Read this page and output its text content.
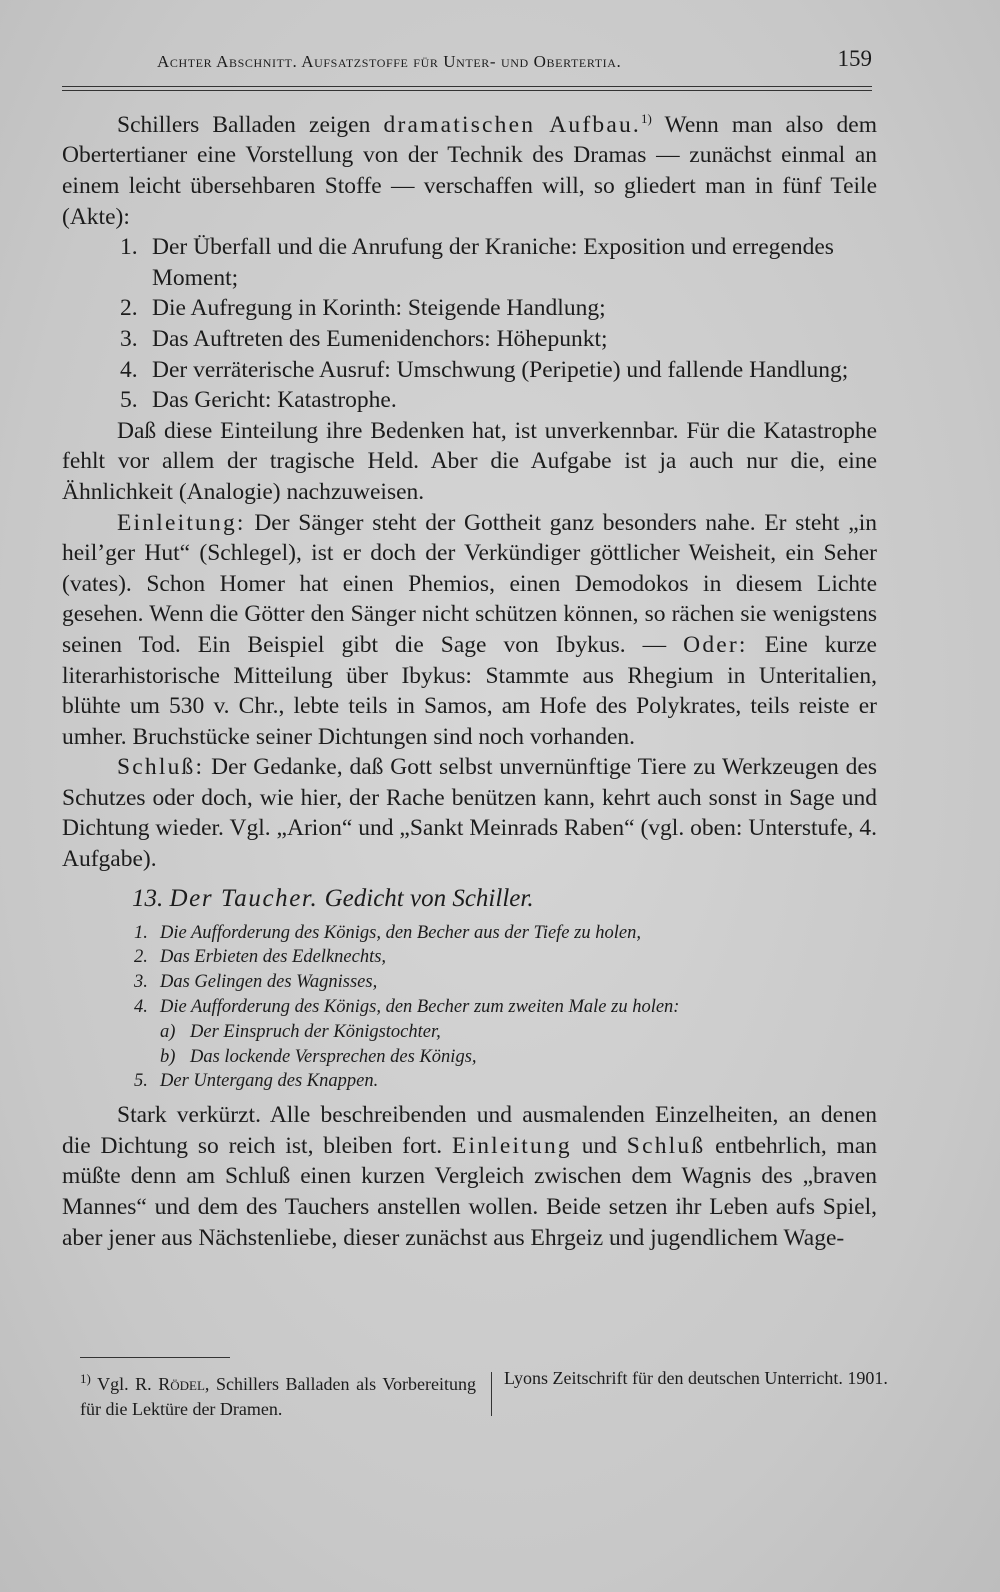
Achter Abschnitt. Aufsatzstoffe für Unter- und Obertertia.	159

Schillers Balladen zeigen dramatischen Aufbau.$^{1)}$ Wenn man also dem Obertertianer eine Vorstellung von der Technik des Dramas — zunächst einmal an einem leicht übersehbaren Stoffe — verschaffen will, so gliedert man in fünf Teile (Akte):

1. Der Überfall und die Anrufung der Kraniche: Exposition und erregendes Moment;
2. Die Aufregung in Korinth: Steigende Handlung;
3. Das Auftreten des Eumenidenchors: Höhepunkt;
4. Der verräterische Ausruf: Umschwung (Peripetie) und fallende Handlung;
5. Das Gericht: Katastrophe.

Daß diese Einteilung ihre Bedenken hat, ist unverkennbar. Für die Katastrophe fehlt vor allem der tragische Held. Aber die Aufgabe ist ja auch nur die, eine Ähnlichkeit (Analogie) nachzuweisen.

Einleitung: Der Sänger steht der Gottheit ganz besonders nahe. Er steht „in heil’ger Hut“ (Schlegel), ist er doch der Verkündiger göttlicher Weisheit, ein Seher (vates). Schon Homer hat einen Phemios, einen Demodokos in diesem Lichte gesehen. Wenn die Götter den Sänger nicht schützen können, so rächen sie wenigstens seinen Tod. Ein Beispiel gibt die Sage von Ibykus. — Oder: Eine kurze literarhistorische Mitteilung über Ibykus: Stammte aus Rhegium in Unteritalien, blühte um 530 v. Chr., lebte teils in Samos, am Hofe des Polykrates, teils reiste er umher. Bruchstücke seiner Dichtungen sind noch vorhanden.

Schluß: Der Gedanke, daß Gott selbst unvernünftige Tiere zu Werkzeugen des Schutzes oder doch, wie hier, der Rache benützen kann, kehrt auch sonst in Sage und Dichtung wieder. Vgl. „Arion“ und „Sankt Meinrads Raben“ (vgl. oben: Unterstufe, 4. Aufgabe).

13. Der Taucher. Gedicht von Schiller.
1. Die Aufforderung des Königs, den Becher aus der Tiefe zu holen,
2. Das Erbieten des Edelknechts,
3. Das Gelingen des Wagnisses,
4. Die Aufforderung des Königs, den Becher zum zweiten Male zu holen:
a) Der Einspruch der Königstochter,
b) Das lockende Versprechen des Königs,
5. Der Untergang des Knappen.

Stark verkürzt. Alle beschreibenden und ausmalenden Einzelheiten, an denen die Dichtung so reich ist, bleiben fort. Einleitung und Schluß entbehrlich, man müßte denn am Schluß einen kurzen Vergleich zwischen dem Wagnis des „braven Mannes“ und dem des Tauchers anstellen wollen. Beide setzen ihr Leben aufs Spiel, aber jener aus Nächstenliebe, dieser zunächst aus Ehrgeiz und jugendlichem Wage-

$^{1)}$ Vgl. R. Rödel, Schillers Balladen als Vorbereitung für die Lektüre der Dramen.
Lyons Zeitschrift für den deutschen Unterricht. 1901.
